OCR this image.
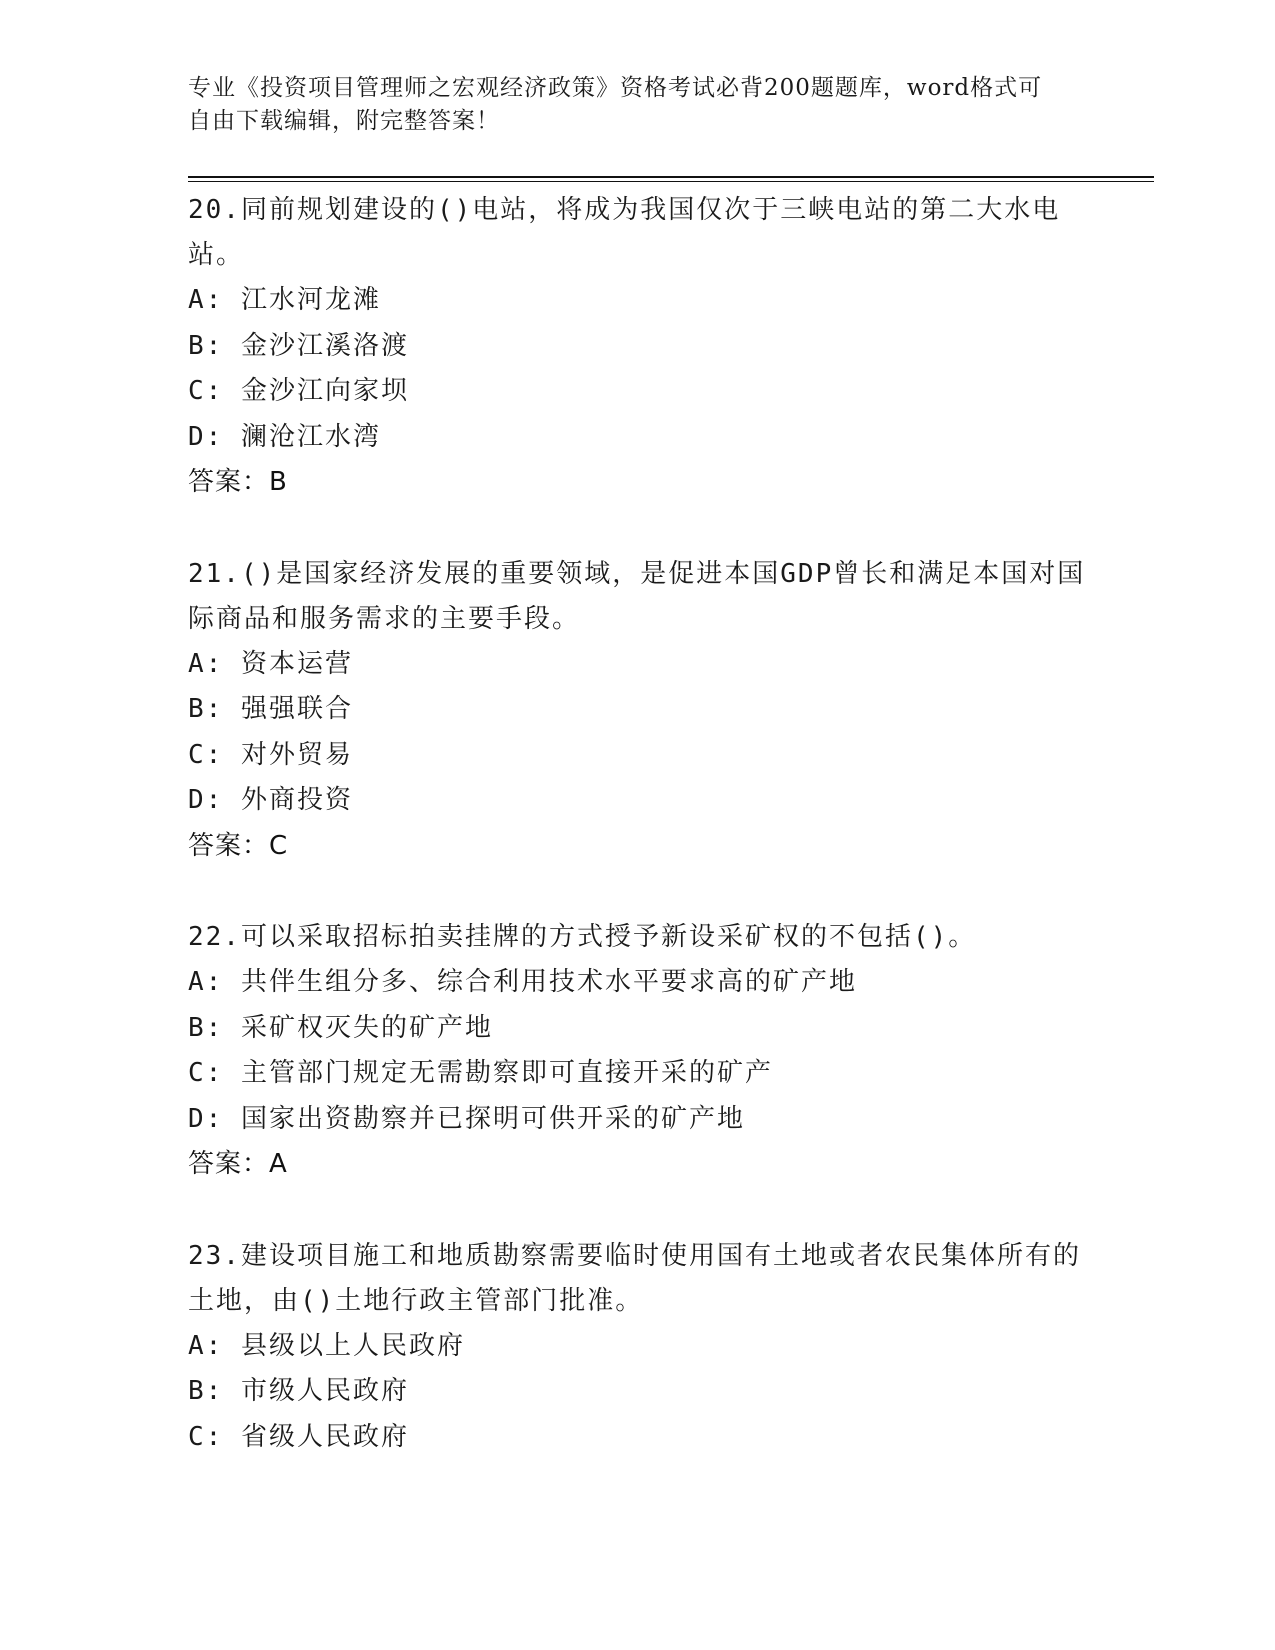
专业《投资项目管理师之宏观经济政策》资格考试必背200题题库，word格式可
自由下载编辑，附完整答案！

20.同前规划建设的()电站，将成为我国仅次于三峡电站的第二大水电站。

A: 江水河龙滩

B: 金沙江溪洛渡

C: 金沙江向家坝

D: 澜沧江水湾

答案：B

21.()是国家经济发展的重要领域，是促进本国GDP曾长和满足本国对国际商品和服务需求的主要手段。

A: 资本运营

B: 强强联合

C: 对外贸易

D: 外商投资

答案：C

22.可以采取招标拍卖挂牌的方式授予新设采矿权的不包括()。

A: 共伴生组分多、综合利用技术水平要求高的矿产地

B: 采矿权灭失的矿产地

C: 主管部门规定无需勘察即可直接开采的矿产

D: 国家出资勘察并已探明可供开采的矿产地

答案：A

23.建设项目施工和地质勘察需要临时使用国有土地或者农民集体所有的土地，由()土地行政主管部门批准。

A: 县级以上人民政府

B: 市级人民政府

C: 省级人民政府
